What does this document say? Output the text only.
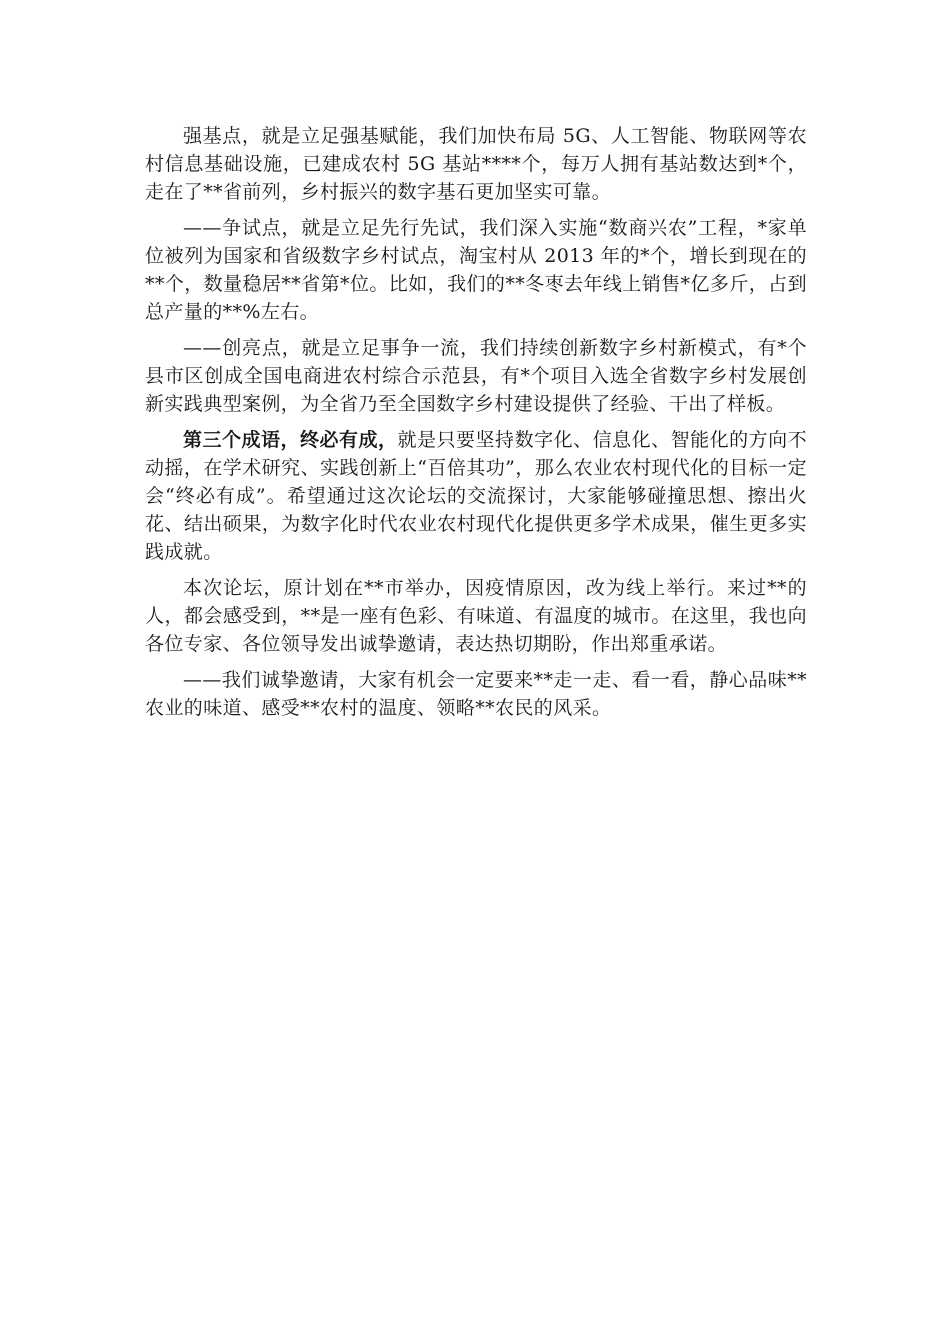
强基点，就是立足强基赋能，我们加快布局 5G、人工智能、物联网等农村信息基础设施，已建成农村 5G 基站****个，每万人拥有基站数达到*个，走在了**省前列，乡村振兴的数字基石更加坚实可靠。

——争试点，就是立足先行先试，我们深入实施“数商兴农”工程，*家单位被列为国家和省级数字乡村试点，淘宝村从 2013 年的*个，增长到现在的**个，数量稳居**省第*位。比如，我们的**冬枣去年线上销售*亿多斤，占到总产量的**%左右。

——创亮点，就是立足事争一流，我们持续创新数字乡村新模式，有*个县市区创成全国电商进农村综合示范县，有*个项目入选全省数字乡村发展创新实践典型案例，为全省乃至全国数字乡村建设提供了经验、干出了样板。

第三个成语，终必有成，就是只要坚持数字化、信息化、智能化的方向不动摇，在学术研究、实践创新上“百倍其功”，那么农业农村现代化的目标一定会“终必有成”。希望通过这次论坛的交流探讨，大家能够碰撞思想、擦出火花、结出硕果，为数字化时代农业农村现代化提供更多学术成果，催生更多实践成就。

本次论坛，原计划在**市举办，因疫情原因，改为线上举行。来过**的人，都会感受到，**是一座有色彩、有味道、有温度的城市。在这里，我也向各位专家、各位领导发出诚挚邀请，表达热切期盼，作出郑重承诺。

——我们诚挚邀请，大家有机会一定要来**走一走、看一看，静心品味**农业的味道、感受**农村的温度、领略**农民的风采。
